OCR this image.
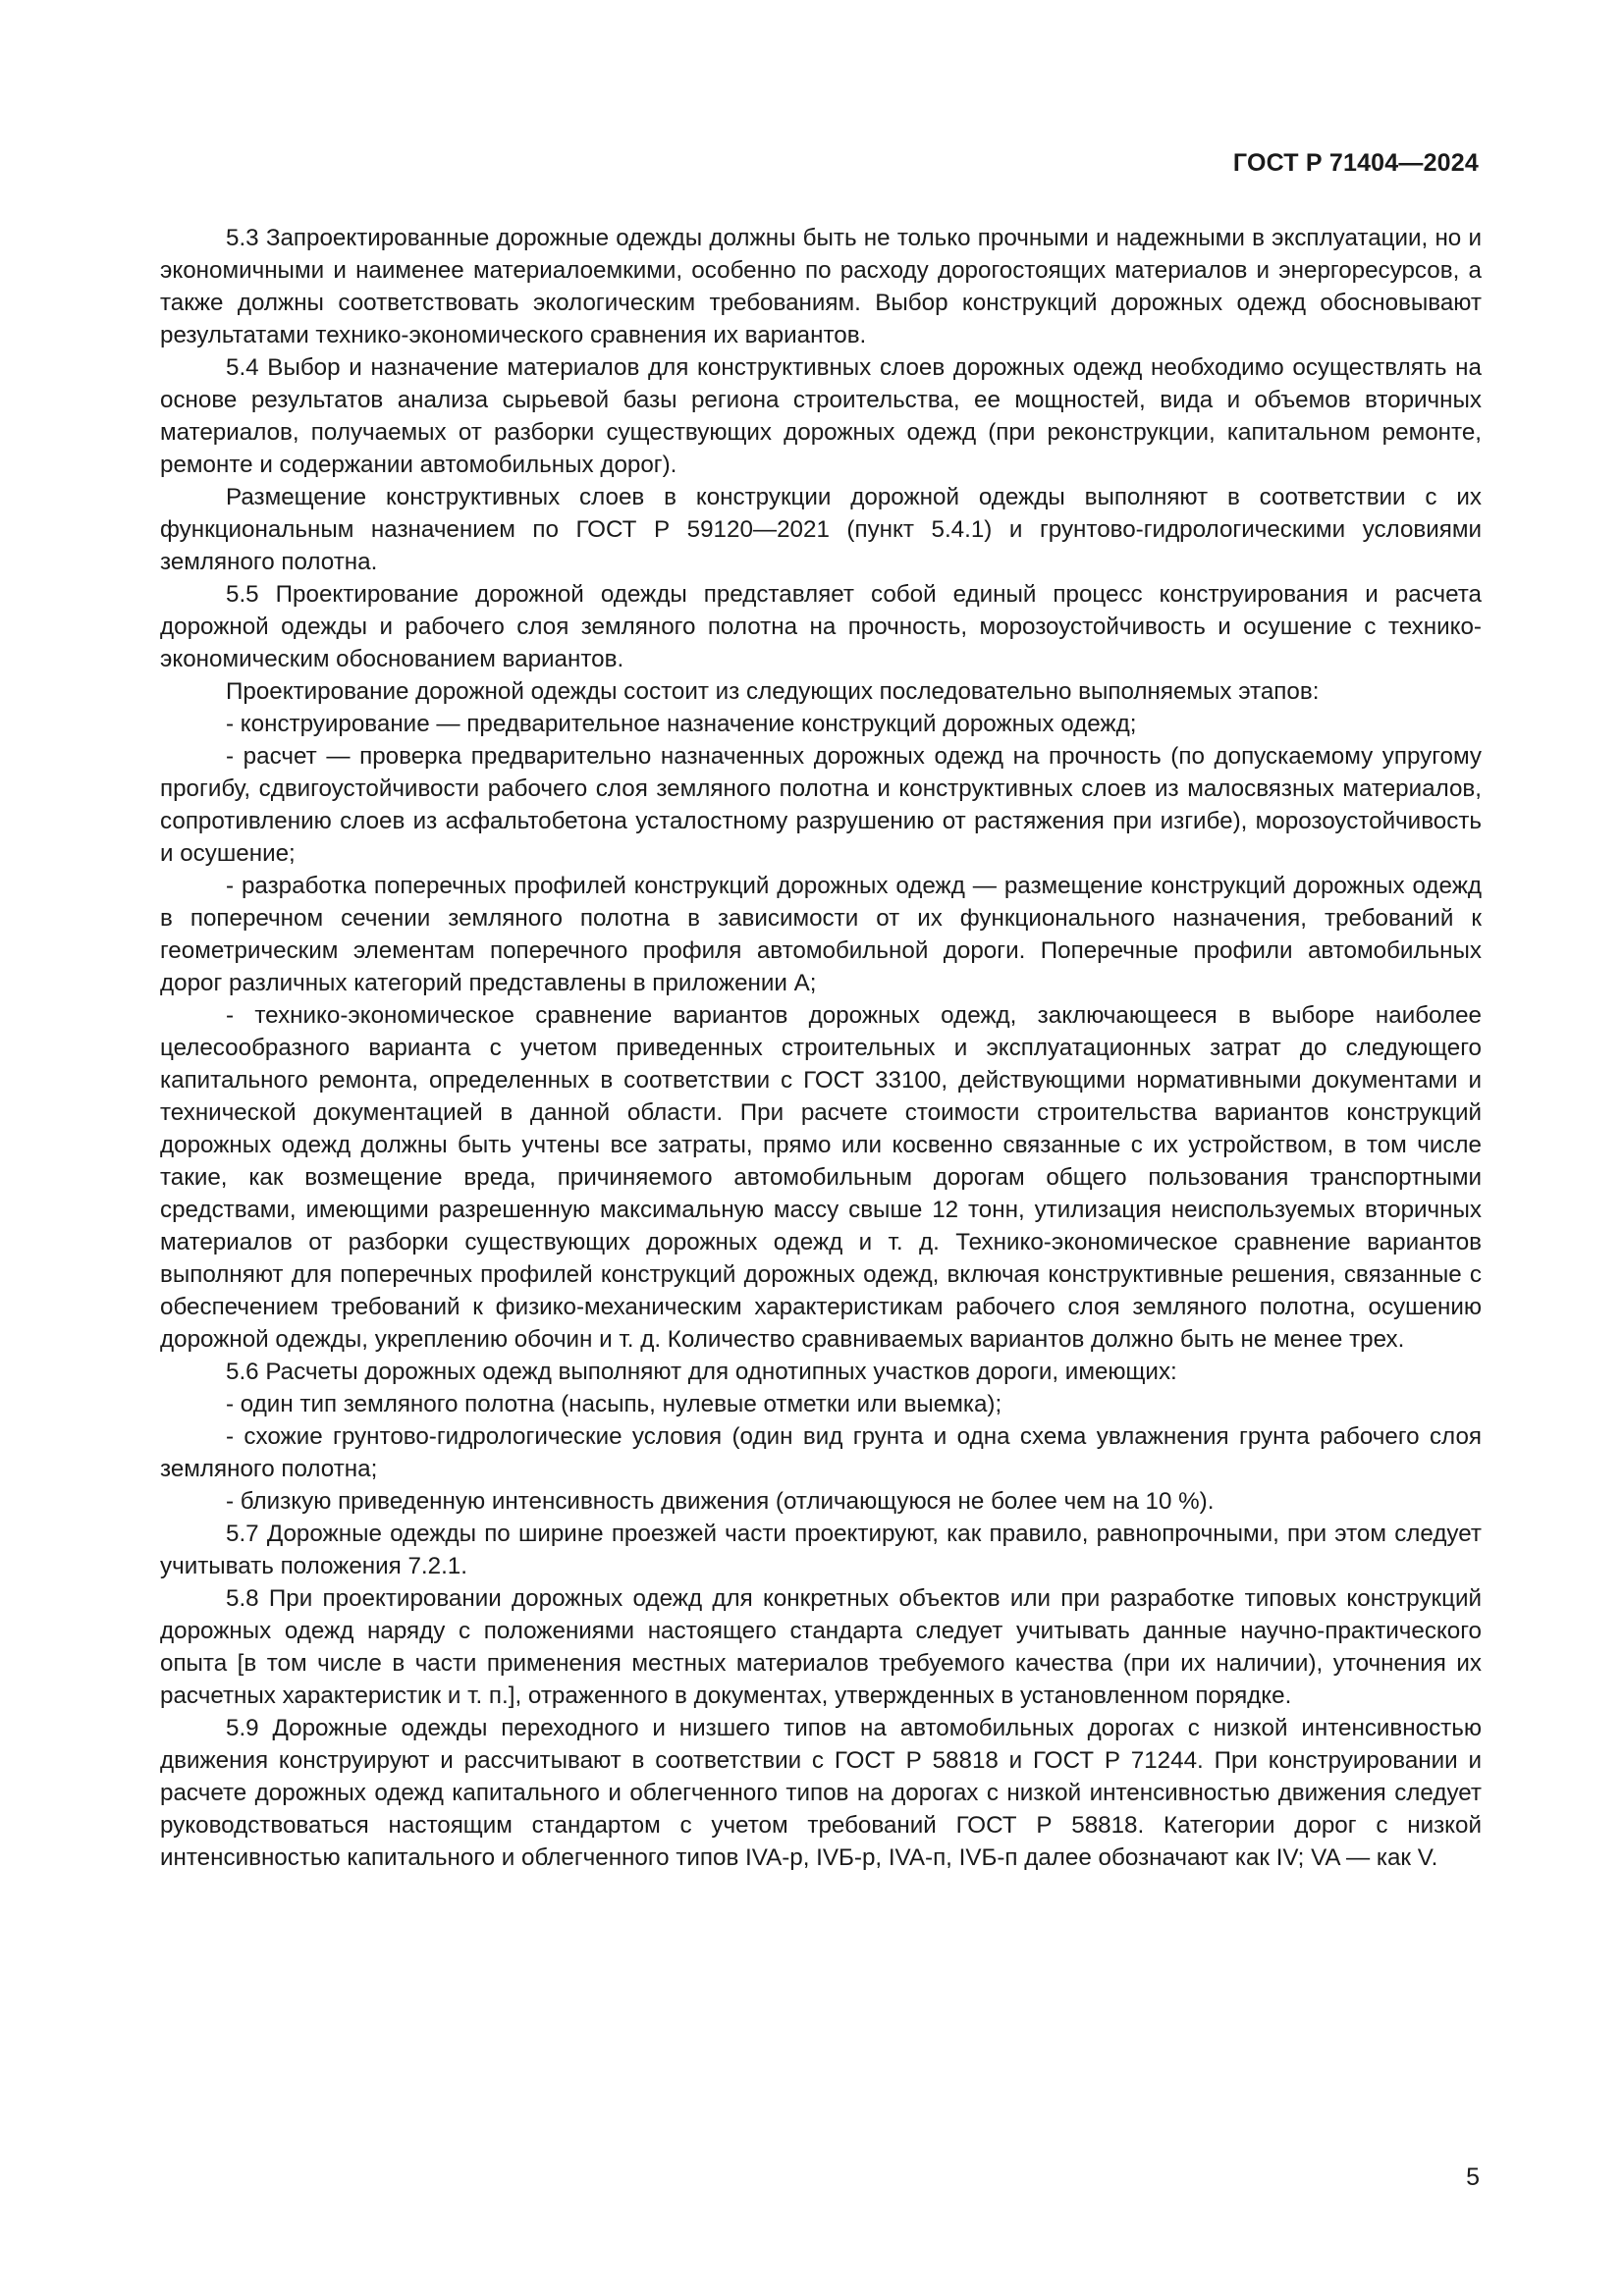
ГОСТ Р 71404—2024

5.3 Запроектированные дорожные одежды должны быть не только прочными и надежными в эксплуатации, но и экономичными и наименее материалоемкими, особенно по расходу дорогостоящих материалов и энергоресурсов, а также должны соответствовать экологическим требованиям. Выбор конструкций дорожных одежд обосновывают результатами технико-экономического сравнения их вариантов.

5.4 Выбор и назначение материалов для конструктивных слоев дорожных одежд необходимо осуществлять на основе результатов анализа сырьевой базы региона строительства, ее мощностей, вида и объемов вторичных материалов, получаемых от разборки существующих дорожных одежд (при реконструкции, капитальном ремонте, ремонте и содержании автомобильных дорог).

Размещение конструктивных слоев в конструкции дорожной одежды выполняют в соответствии с их функциональным назначением по ГОСТ Р 59120—2021 (пункт 5.4.1) и грунтово-гидрологическими условиями земляного полотна.

5.5 Проектирование дорожной одежды представляет собой единый процесс конструирования и расчета дорожной одежды и рабочего слоя земляного полотна на прочность, морозоустойчивость и осушение с технико-экономическим обоснованием вариантов.

Проектирование дорожной одежды состоит из следующих последовательно выполняемых этапов:

- конструирование — предварительное назначение конструкций дорожных одежд;

- расчет — проверка предварительно назначенных дорожных одежд на прочность (по допускаемому упругому прогибу, сдвигоустойчивости рабочего слоя земляного полотна и конструктивных слоев из малосвязных материалов, сопротивлению слоев из асфальтобетона усталостному разрушению от растяжения при изгибе), морозоустойчивость и осушение;

- разработка поперечных профилей конструкций дорожных одежд — размещение конструкций дорожных одежд в поперечном сечении земляного полотна в зависимости от их функционального назначения, требований к геометрическим элементам поперечного профиля автомобильной дороги. Поперечные профили автомобильных дорог различных категорий представлены в приложении А;

- технико-экономическое сравнение вариантов дорожных одежд, заключающееся в выборе наиболее целесообразного варианта с учетом приведенных строительных и эксплуатационных затрат до следующего капитального ремонта, определенных в соответствии с ГОСТ 33100, действующими нормативными документами и технической документацией в данной области. При расчете стоимости строительства вариантов конструкций дорожных одежд должны быть учтены все затраты, прямо или косвенно связанные с их устройством, в том числе такие, как возмещение вреда, причиняемого автомобильным дорогам общего пользования транспортными средствами, имеющими разрешенную максимальную массу свыше 12 тонн, утилизация неиспользуемых вторичных материалов от разборки существующих дорожных одежд и т. д. Технико-экономическое сравнение вариантов выполняют для поперечных профилей конструкций дорожных одежд, включая конструктивные решения, связанные с обеспечением требований к физико-механическим характеристикам рабочего слоя земляного полотна, осушению дорожной одежды, укреплению обочин и т. д. Количество сравниваемых вариантов должно быть не менее трех.

5.6 Расчеты дорожных одежд выполняют для однотипных участков дороги, имеющих:

- один тип земляного полотна (насыпь, нулевые отметки или выемка);

- схожие грунтово-гидрологические условия (один вид грунта и одна схема увлажнения грунта рабочего слоя земляного полотна;

- близкую приведенную интенсивность движения (отличающуюся не более чем на 10 %).

5.7 Дорожные одежды по ширине проезжей части проектируют, как правило, равнопрочными, при этом следует учитывать положения 7.2.1.

5.8 При проектировании дорожных одежд для конкретных объектов или при разработке типовых конструкций дорожных одежд наряду с положениями настоящего стандарта следует учитывать данные научно-практического опыта [в том числе в части применения местных материалов требуемого качества (при их наличии), уточнения их расчетных характеристик и т. п.], отраженного в документах, утвержденных в установленном порядке.

5.9 Дорожные одежды переходного и низшего типов на автомобильных дорогах с низкой интенсивностью движения конструируют и рассчитывают в соответствии с ГОСТ Р 58818 и ГОСТ Р 71244. При конструировании и расчете дорожных одежд капитального и облегченного типов на дорогах с низкой интенсивностью движения следует руководствоваться настоящим стандартом с учетом требований ГОСТ Р 58818. Категории дорог с низкой интенсивностью капитального и облегченного типов IVA-р, IVБ-р, IVA-п, IVБ-п далее обозначают как IV; VA — как V.

5
